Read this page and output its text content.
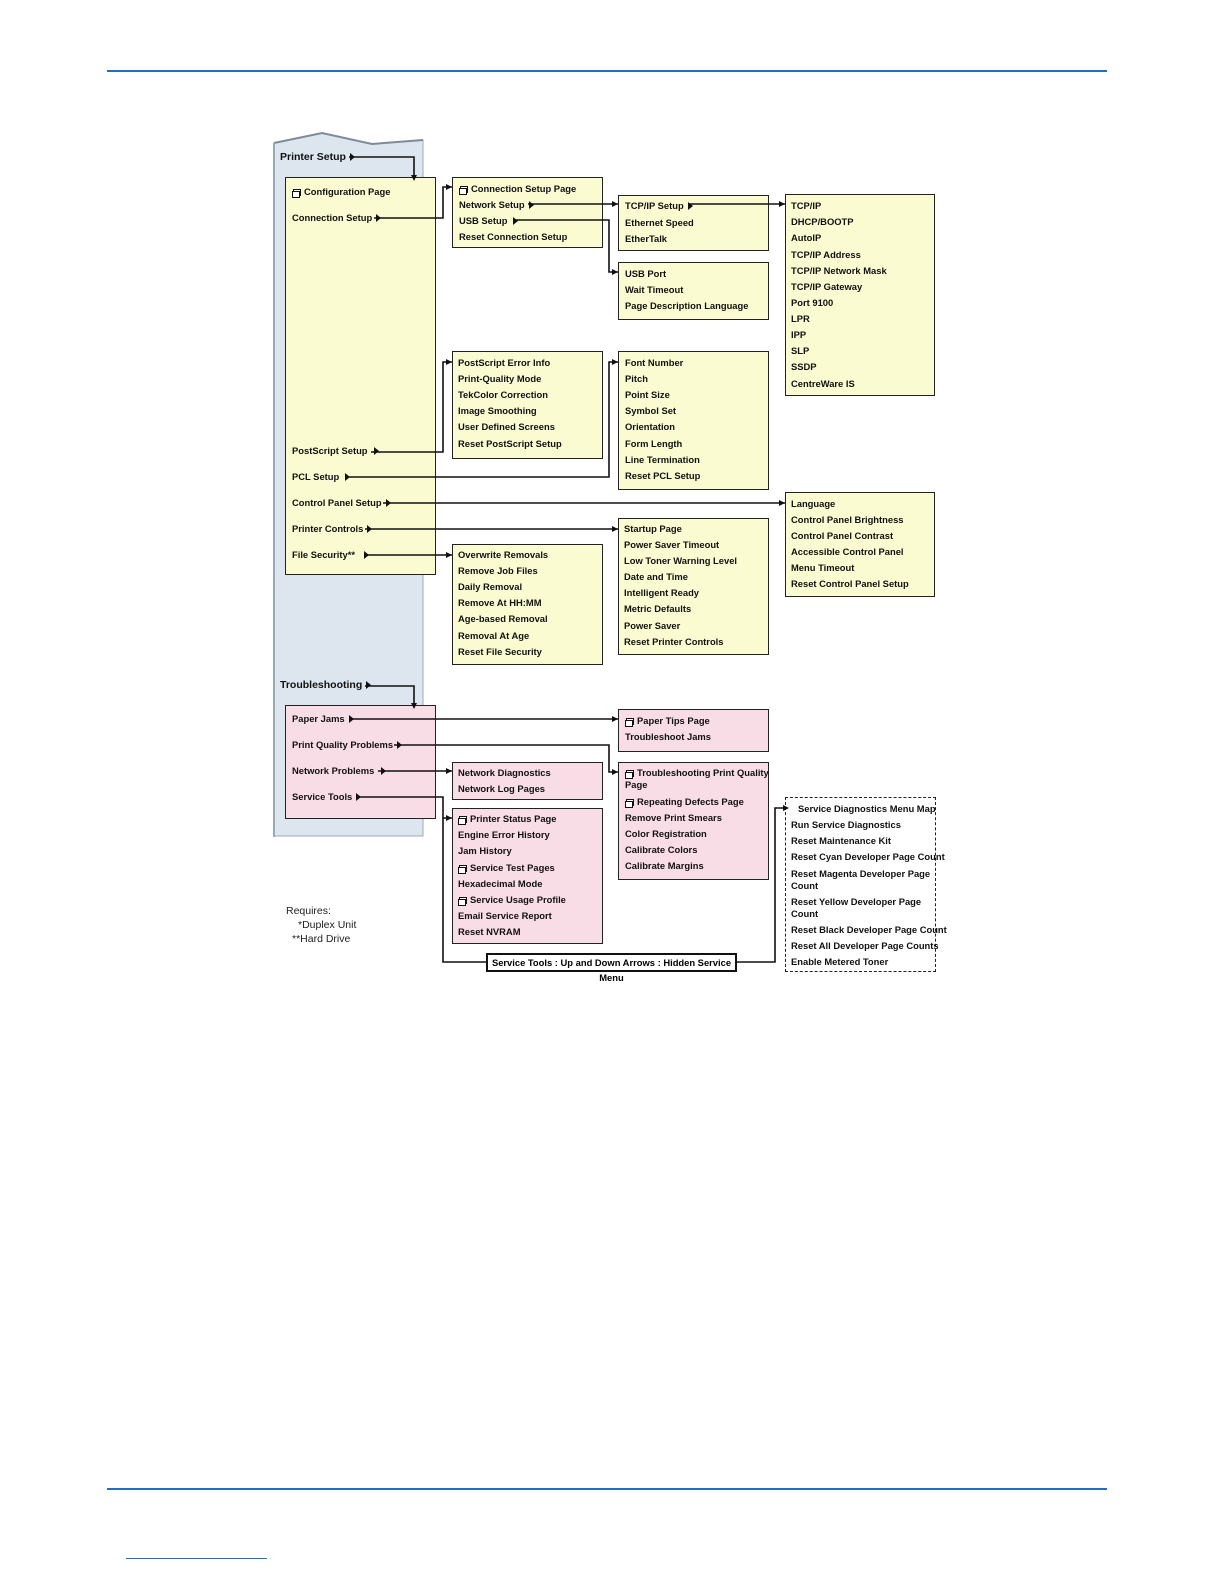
Printer Setup
Configuration Page
Connection Setup
PostScript Setup
PCL Setup
Control Panel Setup
Printer Controls
File Security**
Connection Setup Page
Network Setup
USB Setup
Reset Connection Setup
TCP/IP Setup
Ethernet Speed
EtherTalk
TCP/IP
DHCP/BOOTP
AutoIP
TCP/IP Address
TCP/IP Network Mask
TCP/IP Gateway
Port 9100
LPR
IPP
SLP
SSDP
CentreWare IS
USB Port
Wait Timeout
Page Description Language
PostScript Error Info
Print-Quality Mode
TekColor Correction
Image Smoothing
User Defined Screens
Reset PostScript Setup
Font Number
Pitch
Point Size
Symbol Set
Orientation
Form Length
Line Termination
Reset PCL Setup
Language
Control Panel Brightness
Control Panel Contrast
Accessible Control Panel
Menu Timeout
Reset Control Panel Setup
Startup Page
Power Saver Timeout
Low Toner Warning Level
Date and Time
Intelligent Ready
Metric Defaults
Power Saver
Reset Printer Controls
Overwrite Removals
Remove Job Files
Daily Removal
Remove At HH:MM
Age-based Removal
Removal At Age
Reset File Security
Troubleshooting
Paper Jams
Print Quality Problems
Network Problems
Service Tools
Paper Tips Page
Troubleshoot Jams
Network Diagnostics
Network Log Pages
Troubleshooting Print Quality
Page
Repeating Defects Page
Remove Print Smears
Color Registration
Calibrate Colors
Calibrate Margins
Printer Status Page
Engine Error History
Jam History
Service Test Pages
Hexadecimal Mode
Service Usage Profile
Email Service Report
Reset NVRAM
Service Diagnostics Menu Map
Run Service Diagnostics
Reset Maintenance Kit
Reset Cyan Developer Page Count
Reset Magenta Developer Page
Count
Reset Yellow Developer Page
Count
Reset Black Developer Page Count
Reset All Developer Page Counts
Enable Metered Toner
Service Tools : Up and Down Arrows : Hidden Service Menu
Requires:
*Duplex Unit
**Hard Drive
